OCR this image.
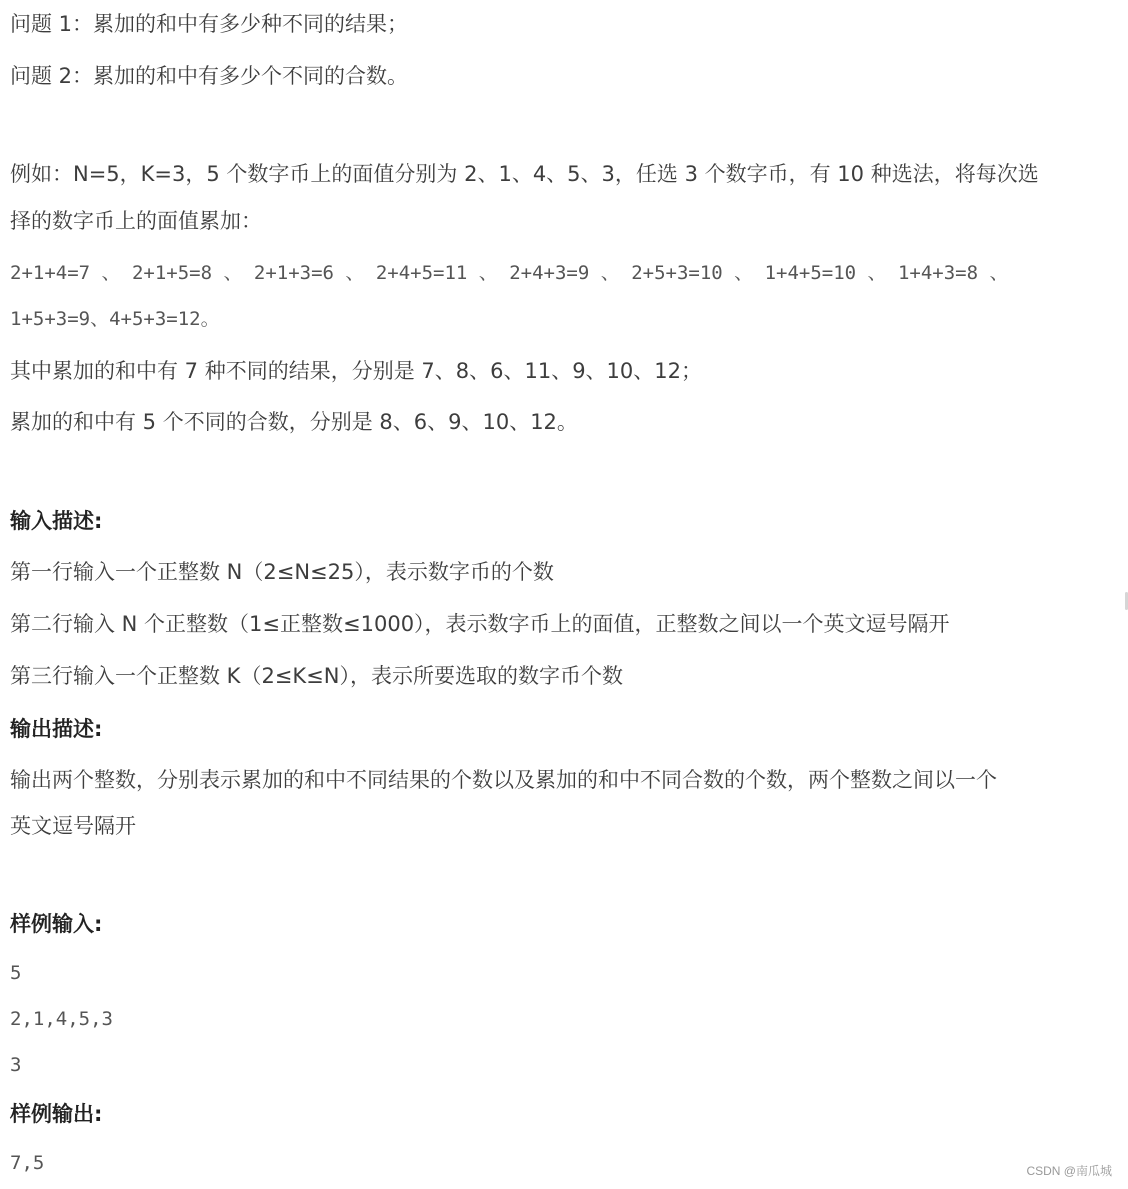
问题 1：累加的和中有多少种不同的结果；
问题 2：累加的和中有多少个不同的合数。
例如：N=5，K=3，5 个数字币上的面值分别为 2、1、4、5、3，任选 3 个数字币，有 10 种选法，将每次选
择的数字币上的面值累加：
2+1+4=7 、 2+1+5=8 、 2+1+3=6 、 2+4+5=11 、 2+4+3=9 、 2+5+3=10 、 1+4+5=10 、 1+4+3=8 、
1+5+3=9、4+5+3=12。
其中累加的和中有 7 种不同的结果，分别是 7、8、6、11、9、10、12；
累加的和中有 5 个不同的合数，分别是 8、6、9、10、12。
输入描述:
第一行输入一个正整数 N（2≤N≤25），表示数字币的个数
第二行输入 N 个正整数（1≤正整数≤1000），表示数字币上的面值，正整数之间以一个英文逗号隔开
第三行输入一个正整数 K（2≤K≤N），表示所要选取的数字币个数
输出描述:
输出两个整数，分别表示累加的和中不同结果的个数以及累加的和中不同合数的个数，两个整数之间以一个
英文逗号隔开
样例输入:
5
2,1,4,5,3
3
样例输出:
7,5	CSDN @南瓜城
